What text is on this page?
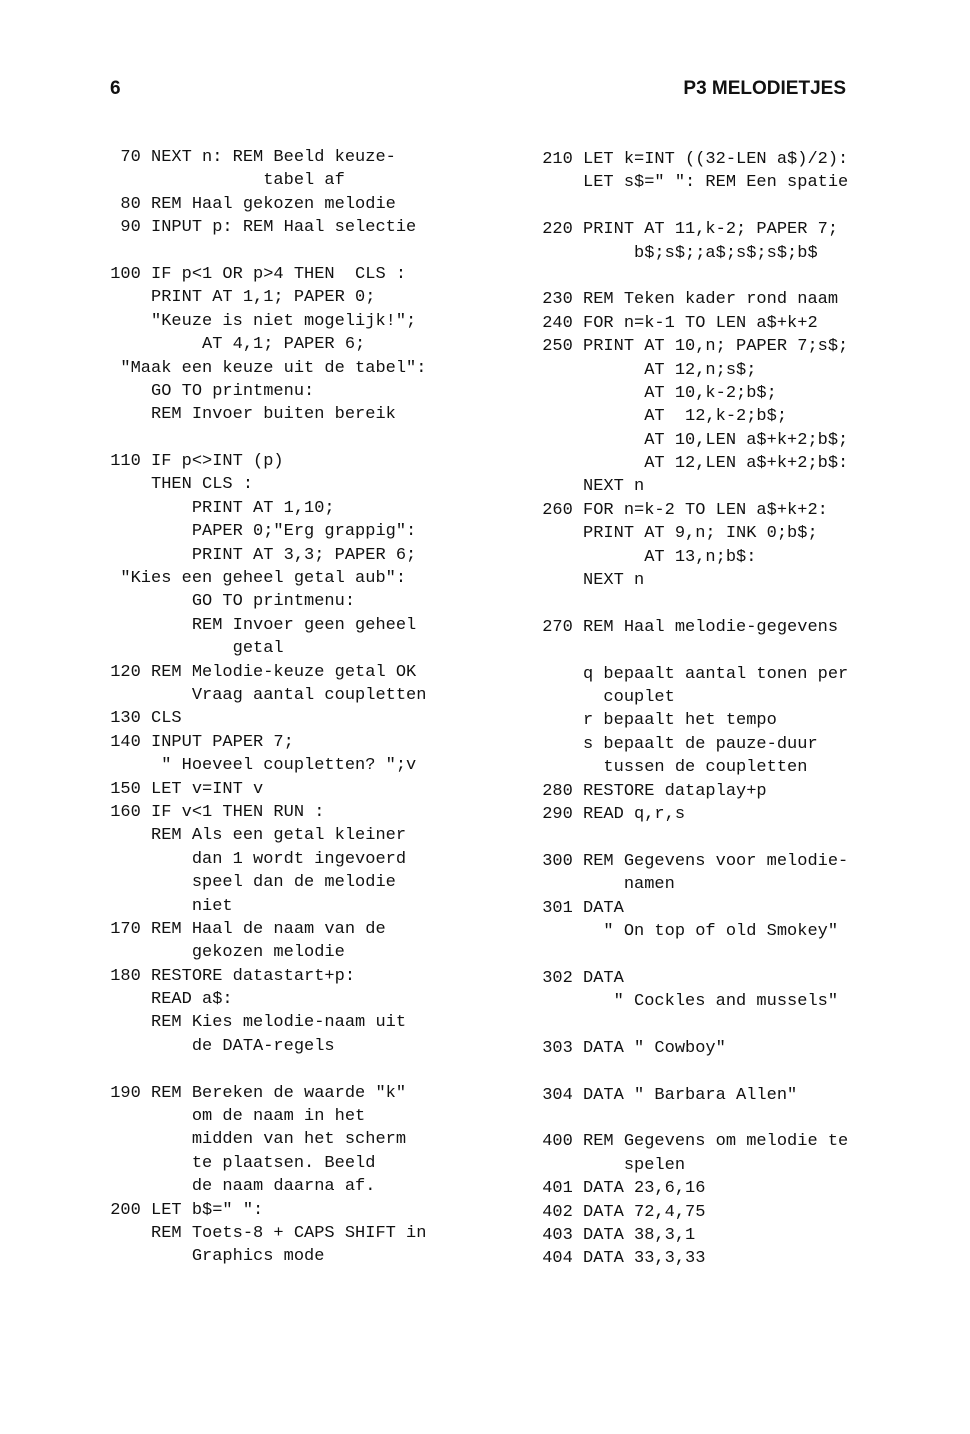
6	P3 MELODIETJES
70 NEXT n: REM Beeld keuze-
tabel af
80 REM Haal gekozen melodie
90 INPUT p: REM Haal selectie
100 IF p<1 OR p>4 THEN  CLS :
PRINT AT 1,1; PAPER 0;
"Keuze is niet mogelijk!";
AT 4,1; PAPER 6;
"Maak een keuze uit de tabel":
GO TO printmenu:
REM Invoer buiten bereik
110 IF p<>INT (p)
THEN CLS :
PRINT AT 1,10;
PAPER 0;"Erg grappig":
PRINT AT 3,3; PAPER 6;
"Kies een geheel getal aub":
GO TO printmenu:
REM Invoer geen geheel
getal
120 REM Melodie-keuze getal OK
Vraag aantal coupletten
130 CLS
140 INPUT PAPER 7;
" Hoeveel coupletten? ";v
150 LET v=INT v
160 IF v<1 THEN RUN :
REM Als een getal kleiner
dan 1 wordt ingevoerd
speel dan de melodie
niet
170 REM Haal de naam van de
gekozen melodie
180 RESTORE datastart+p:
READ a$:
REM Kies melodie-naam uit
de DATA-regels
190 REM Bereken de waarde "k"
om de naam in het
midden van het scherm
te plaatsen. Beeld
de naam daarna af.
200 LET b$=" ":
REM Toets-8 + CAPS SHIFT in
Graphics mode
210 LET k=INT ((32-LEN a$)/2):
LET s$=" ": REM Een spatie
220 PRINT AT 11,k-2; PAPER 7;
b$;s$;;a$;s$;s$;b$
230 REM Teken kader rond naam
240 FOR n=k-1 TO LEN a$+k+2
250 PRINT AT 10,n; PAPER 7;s$;
AT 12,n;s$;
AT 10,k-2;b$;
AT  12,k-2;b$;
AT 10,LEN a$+k+2;b$;
AT 12,LEN a$+k+2;b$:
NEXT n
260 FOR n=k-2 TO LEN a$+k+2:
PRINT AT 9,n; INK 0;b$;
AT 13,n;b$:
NEXT n
270 REM Haal melodie-gegevens
q bepaalt aantal tonen per
couplet
r bepaalt het tempo
s bepaalt de pauze-duur
tussen de coupletten
280 RESTORE dataplay+p
290 READ q,r,s
300 REM Gegevens voor melodie-
namen
301 DATA
" On top of old Smokey"
302 DATA
" Cockles and mussels"
303 DATA " Cowboy"
304 DATA " Barbara Allen"
400 REM Gegevens om melodie te
spelen
401 DATA 23,6,16
402 DATA 72,4,75
403 DATA 38,3,1
404 DATA 33,3,33
